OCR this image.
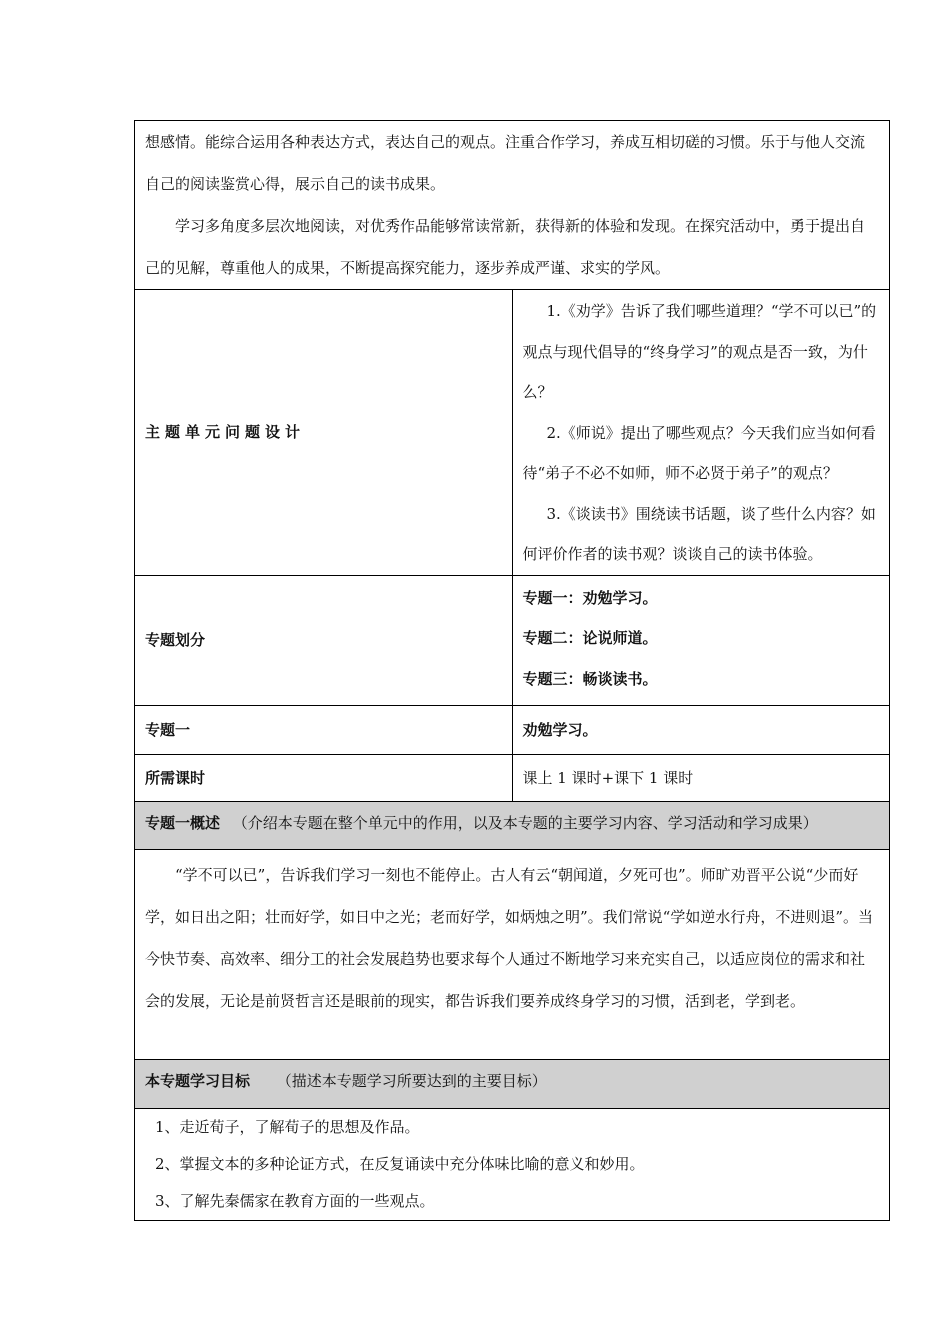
想感情。能综合运用各种表达方式，表达自己的观点。注重合作学习，养成互相切磋的习惯。乐于与他人交流自己的阅读鉴赏心得，展示自己的读书成果。

学习多角度多层次地阅读，对优秀作品能够常读常新，获得新的体验和发现。在探究活动中，勇于提出自己的见解，尊重他人的成果，不断提高探究能力，逐步养成严谨、求实的学风。	

主题单元问题设计	1.《劝学》告诉了我们哪些道理？“学不可以已”的观点与现代倡导的“终身学习”的观点是否一致，为什么？

2.《师说》提出了哪些观点？今天我们应当如何看待“弟子不必不如师，师不必贤于弟子”的观点？

3.《谈读书》围绕读书话题，谈了些什么内容？如何评价作者的读书观？谈谈自己的读书体验。

专题划分	专题一：劝勉学习。

专题二：论说师道。

专题三：畅谈读书。

专题一	劝勉学习。
所需课时	课上 1 课时+课下 1 课时
专题一概述 （介绍本专题在整个单元中的作用，以及本专题的主要学习内容、学习活动和学习成果）	

“学不可以已”，告诉我们学习一刻也不能停止。古人有云“朝闻道，夕死可也”。师旷劝晋平公说“少而好学，如日出之阳；壮而好学，如日中之光；老而好学，如炳烛之明”。我们常说“学如逆水行舟，不进则退”。当今快节奏、高效率、细分工的社会发展趋势也要求每个人通过不断地学习来充实自己，以适应岗位的需求和社会的发展，无论是前贤哲言还是眼前的现实，都告诉我们要养成终身学习的习惯，活到老，学到老。	

本专题学习目标 （描述本专题学习所要达到的主要目标）	

1、走近荀子，了解荀子的思想及作品。

2、掌握文本的多种论证方式，在反复诵读中充分体味比喻的意义和妙用。

3、了解先秦儒家在教育方面的一些观点。	
